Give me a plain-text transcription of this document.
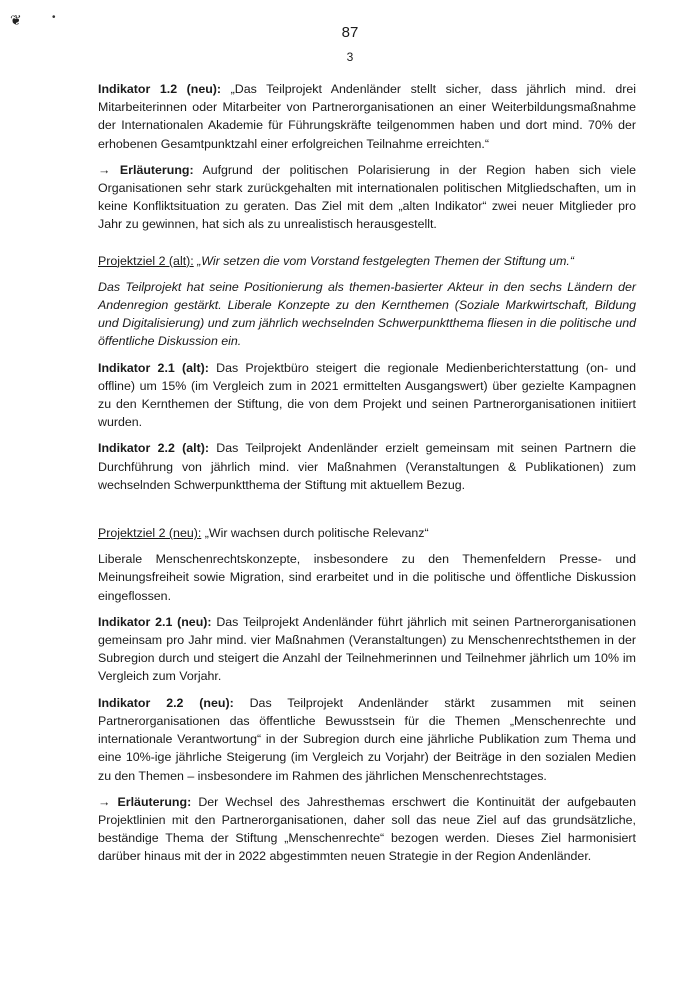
❦	•
87
3

Indikator 1.2 (neu): „Das Teilprojekt Andenländer stellt sicher, dass jährlich mind. drei Mitarbeiterinnen oder Mitarbeiter von Partnerorganisationen an einer Weiterbildungsmaßnahme der Internationalen Akademie für Führungskräfte teilgenommen haben und dort mind. 70% der erhobenen Gesamtpunktzahl einer erfolgreichen Teilnahme erreichten.“

→ Erläuterung: Aufgrund der politischen Polarisierung in der Region haben sich viele Organisationen sehr stark zurückgehalten mit internationalen politischen Mitgliedschaften, um in keine Konfliktsituation zu geraten. Das Ziel mit dem „alten Indikator“ zwei neuer Mitglieder pro Jahr zu gewinnen, hat sich als zu unrealistisch herausgestellt.

Projektziel 2 (alt): „Wir setzen die vom Vorstand festgelegten Themen der Stiftung um.“

Das Teilprojekt hat seine Positionierung als themen-basierter Akteur in den sechs Ländern der Andenregion gestärkt. Liberale Konzepte zu den Kernthemen (Soziale Markwirtschaft, Bildung und Digitalisierung) und zum jährlich wechselnden Schwerpunktthema fliesen in die politische und öffentliche Diskussion ein.

Indikator 2.1 (alt): Das Projektbüro steigert die regionale Medienberichterstattung (on- und offline) um 15% (im Vergleich zum in 2021 ermittelten Ausgangswert) über gezielte Kampagnen zu den Kernthemen der Stiftung, die von dem Projekt und seinen Partnerorganisationen initiiert wurden.

Indikator 2.2 (alt): Das Teilprojekt Andenländer erzielt gemeinsam mit seinen Partnern die Durchführung von jährlich mind. vier Maßnahmen (Veranstaltungen & Publikationen) zum wechselnden Schwerpunktthema der Stiftung mit aktuellem Bezug.

Projektziel 2 (neu): „Wir wachsen durch politische Relevanz“

Liberale Menschenrechtskonzepte, insbesondere zu den Themenfeldern Presse- und Meinungsfreiheit sowie Migration, sind erarbeitet und in die politische und öffentliche Diskussion eingeflossen.

Indikator 2.1 (neu): Das Teilprojekt Andenländer führt jährlich mit seinen Partnerorganisationen gemeinsam pro Jahr mind. vier Maßnahmen (Veranstaltungen) zu Menschenrechtsthemen in der Subregion durch und steigert die Anzahl der Teilnehmerinnen und Teilnehmer jährlich um 10% im Vergleich zum Vorjahr.

Indikator 2.2 (neu): Das Teilprojekt Andenländer stärkt zusammen mit seinen Partnerorganisationen das öffentliche Bewusstsein für die Themen „Menschenrechte und internationale Verantwortung“ in der Subregion durch eine jährliche Publikation zum Thema und eine 10%-ige jährliche Steigerung (im Vergleich zu Vorjahr) der Beiträge in den sozialen Medien zu den Themen – insbesondere im Rahmen des jährlichen Menschenrechtstages.

→ Erläuterung: Der Wechsel des Jahresthemas erschwert die Kontinuität der aufgebauten Projektlinien mit den Partnerorganisationen, daher soll das neue Ziel auf das grundsätzliche, beständige Thema der Stiftung „Menschenrechte“ bezogen werden. Dieses Ziel harmonisiert darüber hinaus mit der in 2022 abgestimmten neuen Strategie in der Region Andenländer.
